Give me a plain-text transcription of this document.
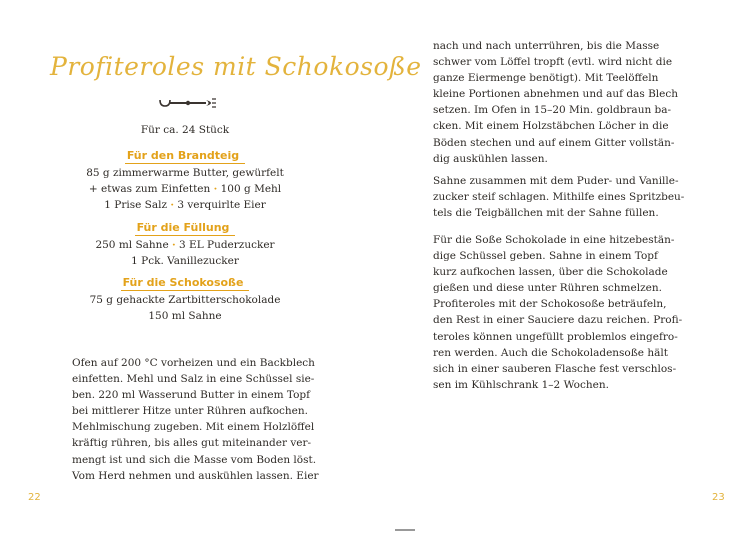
Profiteroles mit Schokosoße
Für ca. 24 Stück
Für den Brandteig
85 g zimmerwarme Butter, gewürfelt
+ etwas zum Einfetten · 100 g Mehl
1 Prise Salz · 3 verquirlte Eier
Für die Füllung
250 ml Sahne · 3 EL Puderzucker
1 Pck. Vanillezucker
Für die Schokosoße
75 g gehackte Zartbitterschokolade
150 ml Sahne
Ofen auf 200 °C vorheizen und ein Backblech
einfetten. Mehl und Salz in eine Schüssel sie-
ben. 220 ml Wasserund Butter in einem Topf
bei mittlerer Hitze unter Rühren aufkochen.
Mehlmischung zugeben. Mit einem Holzlöffel
kräftig rühren, bis alles gut miteinander ver-
mengt ist und sich die Masse vom Boden löst.
Vom Herd nehmen und auskühlen lassen. Eier
22
nach und nach unterrühren, bis die Masse
schwer vom Löffel tropft (evtl. wird nicht die
ganze Eiermenge benötigt). Mit Teelöffeln
kleine Portionen abnehmen und auf das Blech
setzen. Im Ofen in 15–20 Min. goldbraun ba-
cken. Mit einem Holzstäbchen Löcher in die
Böden stechen und auf einem Gitter vollstän-
dig auskühlen lassen.
Sahne zusammen mit dem Puder- und Vanille-
zucker steif schlagen. Mithilfe eines Spritzbeu-
tels die Teigbällchen mit der Sahne füllen.
Für die Soße Schokolade in eine hitzebestän-
dige Schüssel geben. Sahne in einem Topf
kurz aufkochen lassen, über die Schokolade
gießen und diese unter Rühren schmelzen.
Profiteroles mit der Schokosoße beträufeln,
den Rest in einer Sauciere dazu reichen. Profi-
teroles können ungefüllt problemlos eingefro-
ren werden. Auch die Schokoladensoße hält
sich in einer sauberen Flasche fest verschlos-
sen im Kühlschrank 1–2 Wochen.
23
